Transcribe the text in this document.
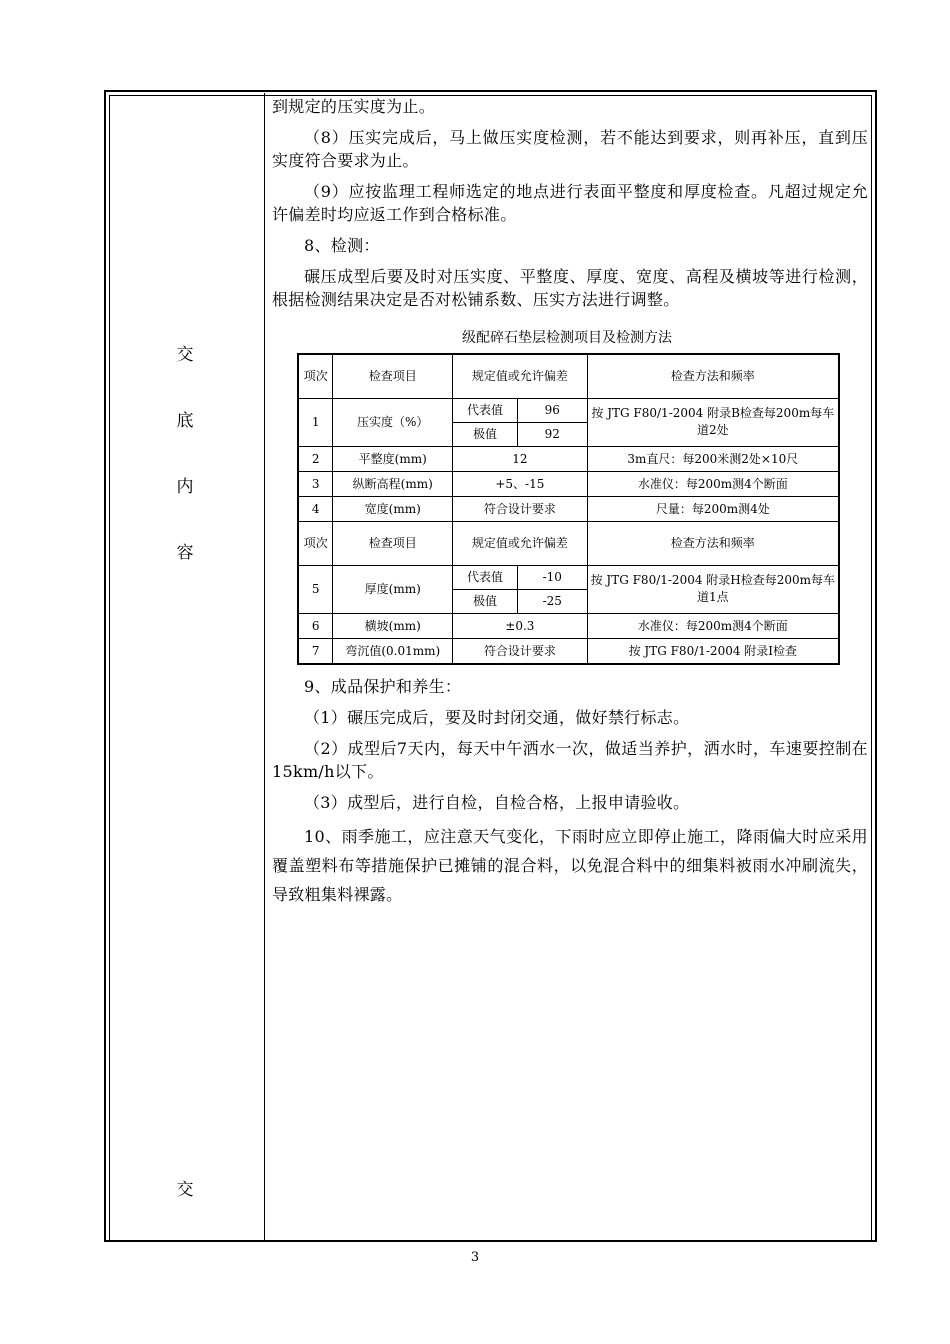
交
底
内
容
交

到规定的压实度为止。

（8）压实完成后，马上做压实度检测，若不能达到要求，则再补压，直到压实度符合要求为止。

（9）应按监理工程师选定的地点进行表面平整度和厚度检查。凡超过规定允许偏差时均应返工作到合格标准。

8、检测：

碾压成型后要及时对压实度、平整度、厚度、宽度、高程及横坡等进行检测，根据检测结果决定是否对松铺系数、压实方法进行调整。

级配碎石垫层检测项目及检测方法
项次	检查项目	规定值或允许偏差		检查方法和频率
1	压实度（%）	代表值	96	按 JTG F80/1-2004 附录B检查每200m每车道2处
		极值	92	
2	平整度(mm)	12		3m直尺：每200米测2处×10尺
3	纵断高程(mm)	+5、-15		水准仪：每200m测4个断面
4	宽度(mm)	符合设计要求		尺量：每200m测4处
项次	检查项目	规定值或允许偏差		检查方法和频率
5	厚度(mm)	代表值	-10	按 JTG F80/1-2004 附录H检查每200m每车道1点
		极值	-25	
6	横坡(mm)	±0.3		水准仪：每200m测4个断面
7	弯沉值(0.01mm)	符合设计要求		按 JTG F80/1-2004 附录I检查

9、成品保护和养生：

（1）碾压完成后，要及时封闭交通，做好禁行标志。

（2）成型后7天内，每天中午洒水一次，做适当养护，洒水时，车速要控制在15km/h以下。

（3）成型后，进行自检，自检合格，上报申请验收。

10、雨季施工，应注意天气变化，下雨时应立即停止施工，降雨偏大时应采用覆盖塑料布等措施保护已摊铺的混合料，以免混合料中的细集料被雨水冲刷流失，导致粗集料裸露。

3
